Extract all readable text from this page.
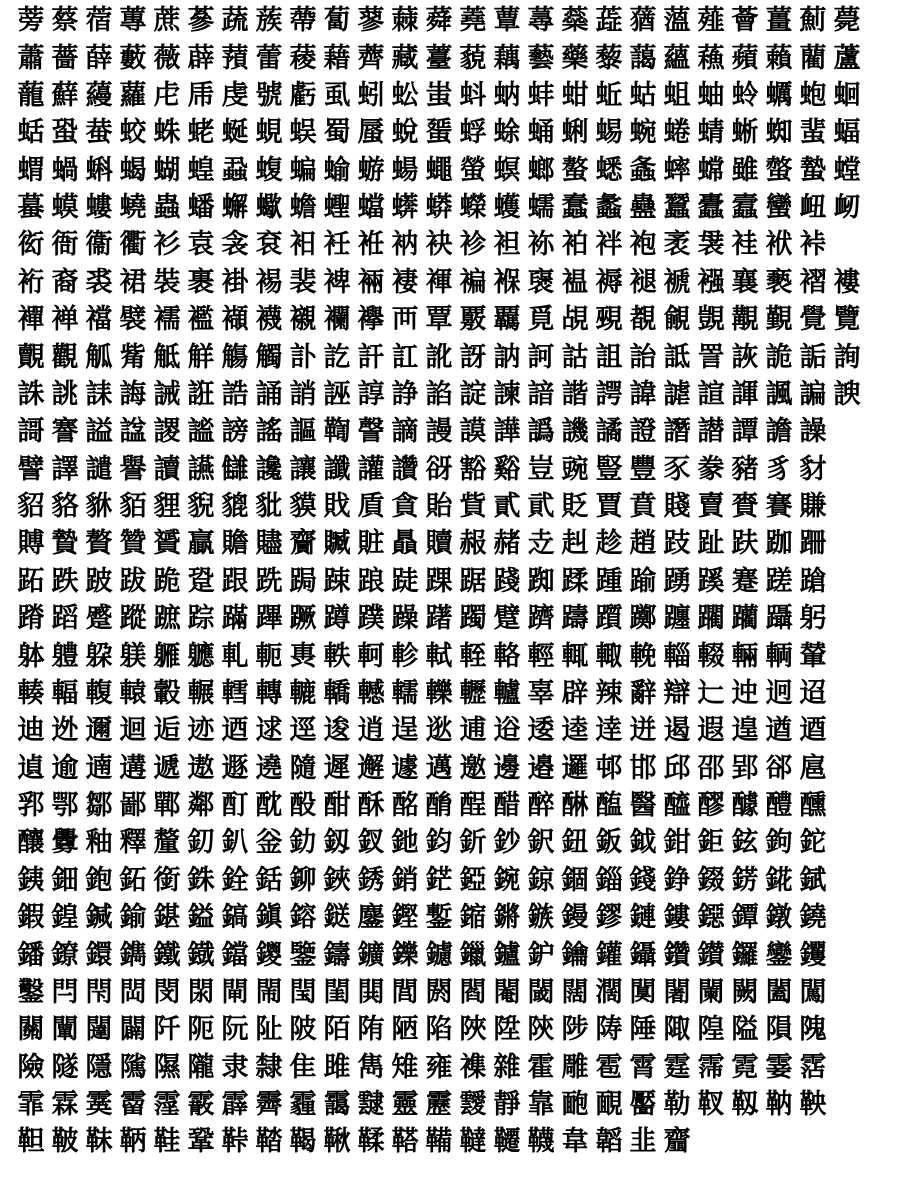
蒡 蔡 蓿 蓴 蔗 蔘 蔬 蔟 蔕 蔔 蓼 蕀 蕣 蕘 蕈 蕁 蘂 蕋 蕕 薀 薤 薈 薑 薊 薨
蕭 薔 薛 藪 薇 薜 蕷 蕾 薐 藉 薺 藏 薹 藐 藕 藝 藥 藜 藹 蘊 蘓 蘋 藾 藺 蘆
蘢 蘚 蘰 蘿 虍 乕 虔 號 虧 虱 蚓 蚣 蚩 蚪 蚋 蚌 蚶 蚯 蛄 蛆 蚰 蛉 蠣 蚫 蛔
蛞 蛩 蛬 蛟 蛛 蛯 蜒 蜆 蜈 蜀 蜃 蛻 蜑 蜉 蜍 蛹 蜊 蜴 蜿 蜷 蜻 蜥 蜘 蜚 蝠
蝟 蝸 蝌 蝎 蝴 蝗 蝨 蝮 蝙 蝓 蝣 蝪 蠅 螢 螟 螂 螯 蟋 螽 蟀 蟐 雖 螫 蟄 螳
蟇 蟆 螻 蟯 蟲 蟠 蠏 蠍 蟾 蟶 蟷 蠎 蟒 蠑 蠖 蠕 蠢 蠡 蠱 蠶 蠹 蠧 蠻 衄 衂
衒 衙 衞 衢 衫 袁 衾 袞 衵 衽 袵 衲 袂 袗 袒 袮 袙 袢 袍 袤 袰 袿 袱 裃
裄 裔 裘 裙 裝 裹 褂 裼 裴 裨 裲 褄 褌 褊 褓 襃 褞 褥 褪 褫 襁 襄 褻 褶 褸
襌 褝 襠 襞 襦 襤 襭 襪 襯 襴 襷 襾 覃 覈 覊 覓 覘 覡 覩 覦 覬 覯 覲 覺 覽
覿 觀 觚 觜 觝 觧 觴 觸 訃 訖 訐 訌 訛 訝 訥 訶 詁 詛 詒 詆 詈 詼 詭 詬 詢
誅 誂 誄 誨 誡 誑 誥 誦 誚 誣 諄 諍 諂 諚 諫 諳 諧 諤 諱 謔 諠 諢 諷 諞 諛
謌 謇 謚 諡 謖 謐 謗 謠 謳 鞫 謦 謫 謾 謨 譁 譌 譏 譎 證 譖 譛 譚 譫 譟
譬 譯 譴 譽 讀 讌 讎 讒 讓 讖 讙 讚 谺 豁 谿 豈 豌 豎 豐 豕 豢 豬 豸 豺
貂 貉 貅 貊 貍 貎 貔 豼 貘 戝 貭 貪 貽 貲 貳 貮 貶 賈 賁 賤 賣 賚 賽 賺
賻 贄 贅 贊 贇 贏 贍 贐 齎 贓 賍 贔 贖 赧 赭 赱 赳 趁 趙 跂 趾 趺 跏 跚
跖 跌 跛 跋 跪 跫 跟 跣 跼 踈 踉 跿 踝 踞 踐 踟 蹂 踵 踰 踴 蹊 蹇 蹉 蹌
蹐 蹈 蹙 蹤 蹠 踪 蹣 蹕 蹶 蹲 蹼 躁 躇 躅 躄 躋 躊 躓 躑 躔 躙 躪 躡 躬
躰 軆 躱 躾 軅 軈 軋 軛 軣 軼 軻 軫 軾 輊 輅 輕 輒 輙 輓 輜 輟 輛 輌 輦
輳 輻 輹 轅 轂 輾 轌 轉 轆 轎 轗 轜 轢 轣 轤 辜 辟 辣 辭 辯 辷 迚 迥 迢
迪 迯 邇 迴 逅 迹 迺 逑 逕 逡 逍 逞 逖 逋 逧 逶 逵 逹 迸 遏 遐 遑 遒 逎
遉 逾 遖 遘 遞 遨 遯 遶 隨 遲 邂 遽 邁 邀 邊 邉 邏 邨 邯 邱 邵 郢 郤 扈
郛 鄂 鄒 鄙 鄲 鄰 酊 酖 酘 酣 酥 酩 酳 酲 醋 醉 醂 醢 醫 醯 醪 醵 醴 醺
釀 釁 釉 釋 釐 釖 釟 釡 釛 釼 釵 釶 鈞 釿 鈔 鈬 鈕 鈑 鉞 鉗 鉅 鉉 鉤 鉈
銕 鈿 鉋 鉐 銜 銖 銓 銛 鉚 鋏 銹 銷 鋩 錏 鋺 鍄 錮 錙 錢 錚 錣 錺 錵 錻
鍜 鍠 鍼 鍮 鍖 鎰 鎬 鎭 鎔 鎹 鏖 鏗 鏨 鏥 鏘 鏃 鏝 鏐 鏈 鏤 鐚 鐔 鐓 鐃
鐇 鐐 鐶 鐫 鐵 鐡 鐺 鑁 鑒 鑄 鑛 鑠 鑢 鑞 鑪 鈩 鑰 鑵 鑷 鑽 鑚 鑼 鑾 钁
鑿 閂 閇 閊 閔 閖 閘 閙 閠 閨 閧 閭 閼 閻 閹 閾 闊 濶 闃 闍 闌 闕 闔 闖
關 闡 闥 闢 阡 阨 阮 阯 陂 陌 陏 陋 陷 陜 陞 陝 陟 陦 陲 陬 隍 隘 隕 隗
險 隧 隱 隲 隰 隴 隶 隸 隹 雎 雋 雉 雍 襍 雜 霍 雕 雹 霄 霆 霈 霓 霎 霑
霏 霖 霙 霤 霪 霰 霹 霽 霾 靄 靆 靈 靂 靉 靜 靠 靤 靦 靨 勒 靫 靱 靹 鞅
靼 鞁 靺 鞆 鞋 鞏 鞐 鞜 鞨 鞦 鞣 鞳 鞴 韃 韆 韈 韋 韜 韭 齏
